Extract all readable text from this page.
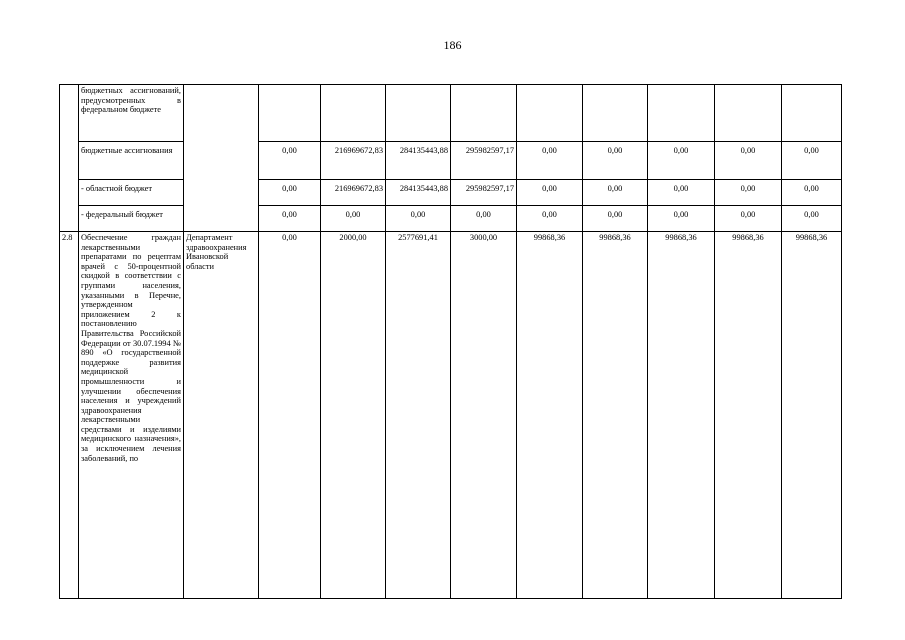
186
	бюджетных ассигнований, предусмотренных в федеральном бюджете										
	бюджетные ассигнования		0,00	216969672,83	284135443,88	295982597,17	0,00	0,00	0,00	0,00	0,00
	- областной бюджет		0,00	216969672,83	284135443,88	295982597,17	0,00	0,00	0,00	0,00	0,00
	- федеральный бюджет		0,00	0,00	0,00	0,00	0,00	0,00	0,00	0,00	0,00
2.8	Обеспечение граждан лекарственными препаратами по рецептам врачей с 50-процентной скидкой в соответствии с группами населения, указанными в Перечне, утвержденном приложением 2 к постановлению Правительства Российской Федерации от 30.07.1994 № 890 «О государственной поддержке развития медицинской промышленности и улучшении обеспечения населения и учреждений здравоохранения лекарственными средствами и изделиями медицинского назначения», за исключением лечения заболеваний, по	Департамент здравоохранения Ивановской области	0,00	2000,00	2577691,41	3000,00	99868,36	99868,36	99868,36	99868,36	99868,36
